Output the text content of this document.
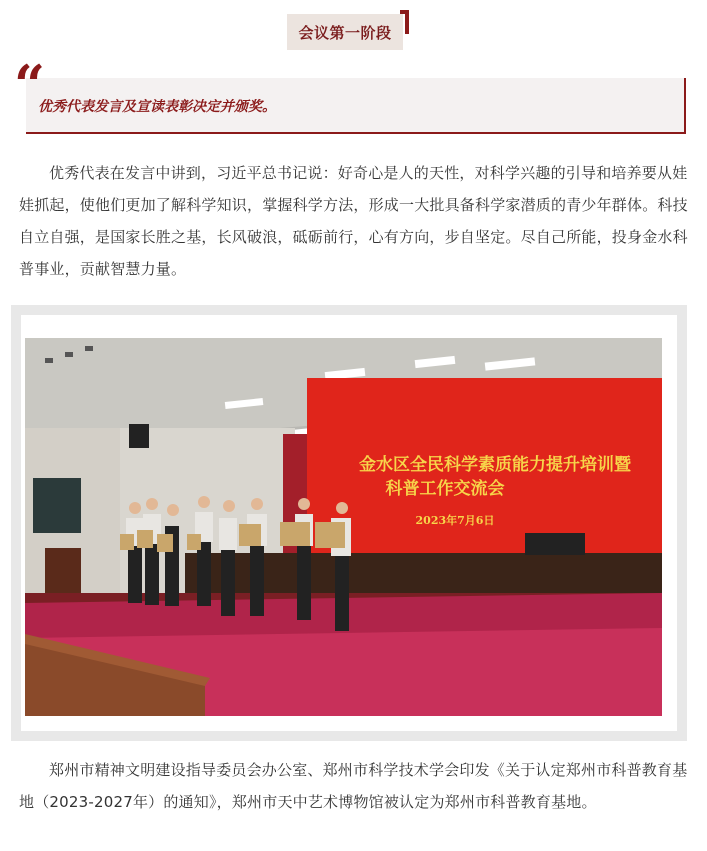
会议第一阶段
优秀代表发言及宣读表彰决定并颁奖。
“

优秀代表在发言中讲到，习近平总书记说：好奇心是人的天性，对科学兴趣的引导和培养要从娃娃抓起，使他们更加了解科学知识，掌握科学方法，形成一大批具备科学家潜质的青少年群体。科技自立自强，是国家长胜之基，长风破浪，砥砺前行，心有方向，步自坚定。尽自己所能，投身金水科普事业，贡献智慧力量。

金水区全民科学素质能力提升培训暨
科普工作交流会
2023年7月6日

郑州市精神文明建设指导委员会办公室、郑州市科学技术学会印发《关于认定郑州市科普教育基地（2023-2027年）的通知》，郑州市天中艺术博物馆被认定为郑州市科普教育基地。
